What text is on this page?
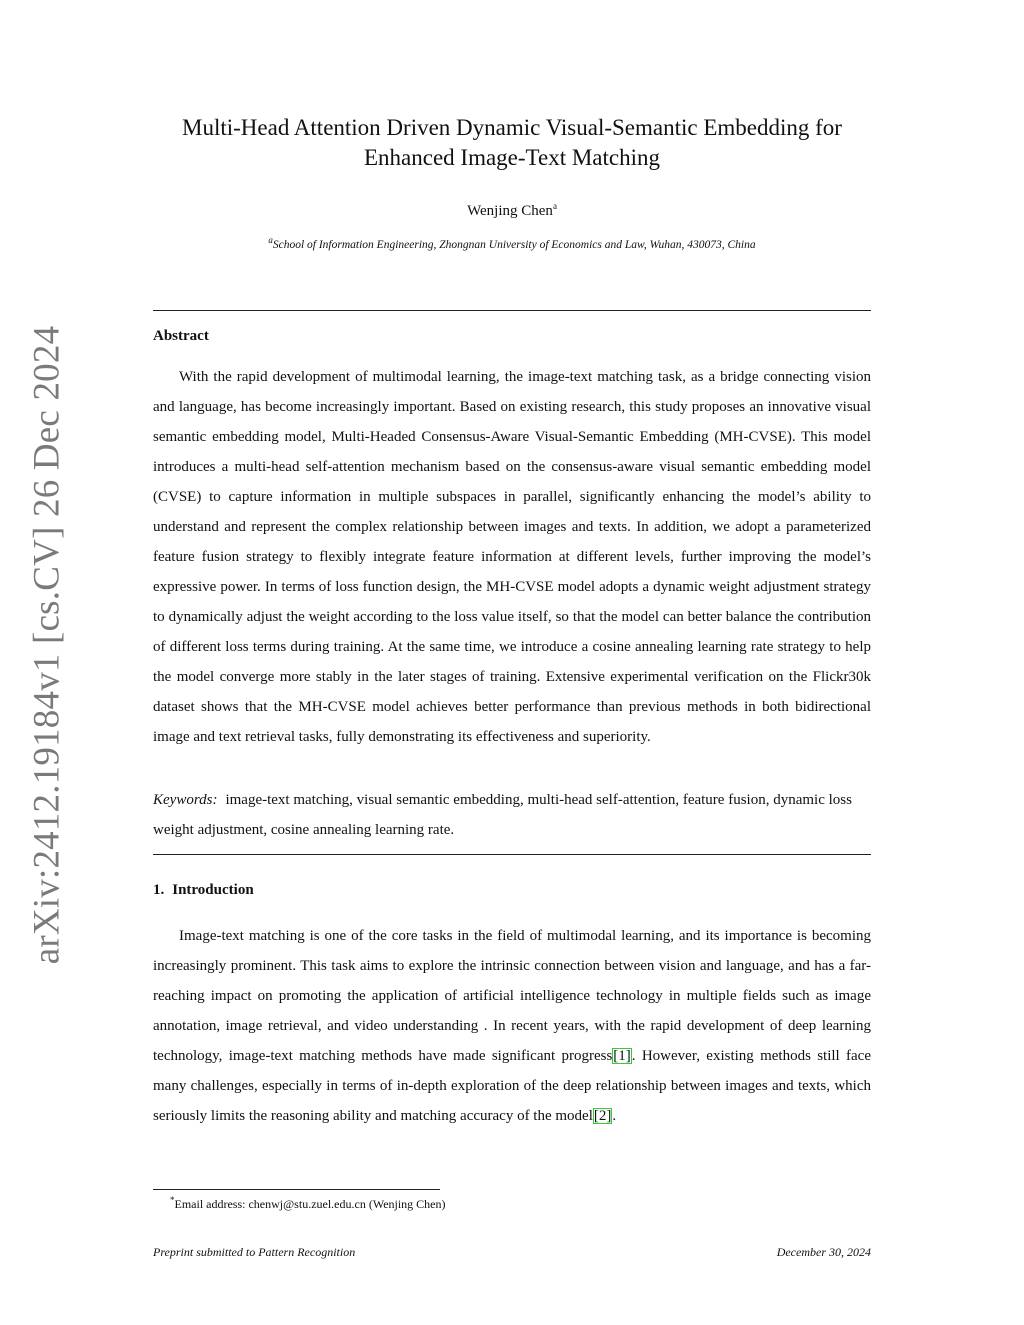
arXiv:2412.19184v1 [cs.CV] 26 Dec 2024
Multi-Head Attention Driven Dynamic Visual-Semantic Embedding for Enhanced Image-Text Matching
Wenjing Chen$^a$
$^a$School of Information Engineering, Zhongnan University of Economics and Law, Wuhan, 430073, China
Abstract

With the rapid development of multimodal learning, the image-text matching task, as a bridge connecting vision and language, has become increasingly important. Based on existing research, this study proposes an innovative visual semantic embedding model, Multi-Headed Consensus-Aware Visual-Semantic Embedding (MH-CVSE). This model introduces a multi-head self-attention mechanism based on the consensus-aware visual semantic embedding model (CVSE) to capture information in multiple subspaces in parallel, significantly enhancing the model’s ability to understand and represent the complex relationship between images and texts. In addition, we adopt a parameterized feature fusion strategy to flexibly integrate feature information at different levels, further improving the model’s expressive power. In terms of loss function design, the MH-CVSE model adopts a dynamic weight adjustment strategy to dynamically adjust the weight according to the loss value itself, so that the model can better balance the contribution of different loss terms during training. At the same time, we introduce a cosine annealing learning rate strategy to help the model converge more stably in the later stages of training. Extensive experimental verification on the Flickr30k dataset shows that the MH-CVSE model achieves better performance than previous methods in both bidirectional image and text retrieval tasks, fully demonstrating its effectiveness and superiority.

Keywords: image-text matching, visual semantic embedding, multi-head self-attention, feature fusion, dynamic loss weight adjustment, cosine annealing learning rate.

1. Introduction

Image-text matching is one of the core tasks in the field of multimodal learning, and its importance is becoming increasingly prominent. This task aims to explore the intrinsic connection between vision and language, and has a far-reaching impact on promoting the application of artificial intelligence technology in multiple fields such as image annotation, image retrieval, and video understanding . In recent years, with the rapid development of deep learning technology, image-text matching methods have made significant progress[1]. However, existing methods still face many challenges, especially in terms of in-depth exploration of the deep relationship between images and texts, which seriously limits the reasoning ability and matching accuracy of the model[2].

*Email address: chenwj@stu.zuel.edu.cn (Wenjing Chen)
Preprint submitted to Pattern Recognition	December 30, 2024
